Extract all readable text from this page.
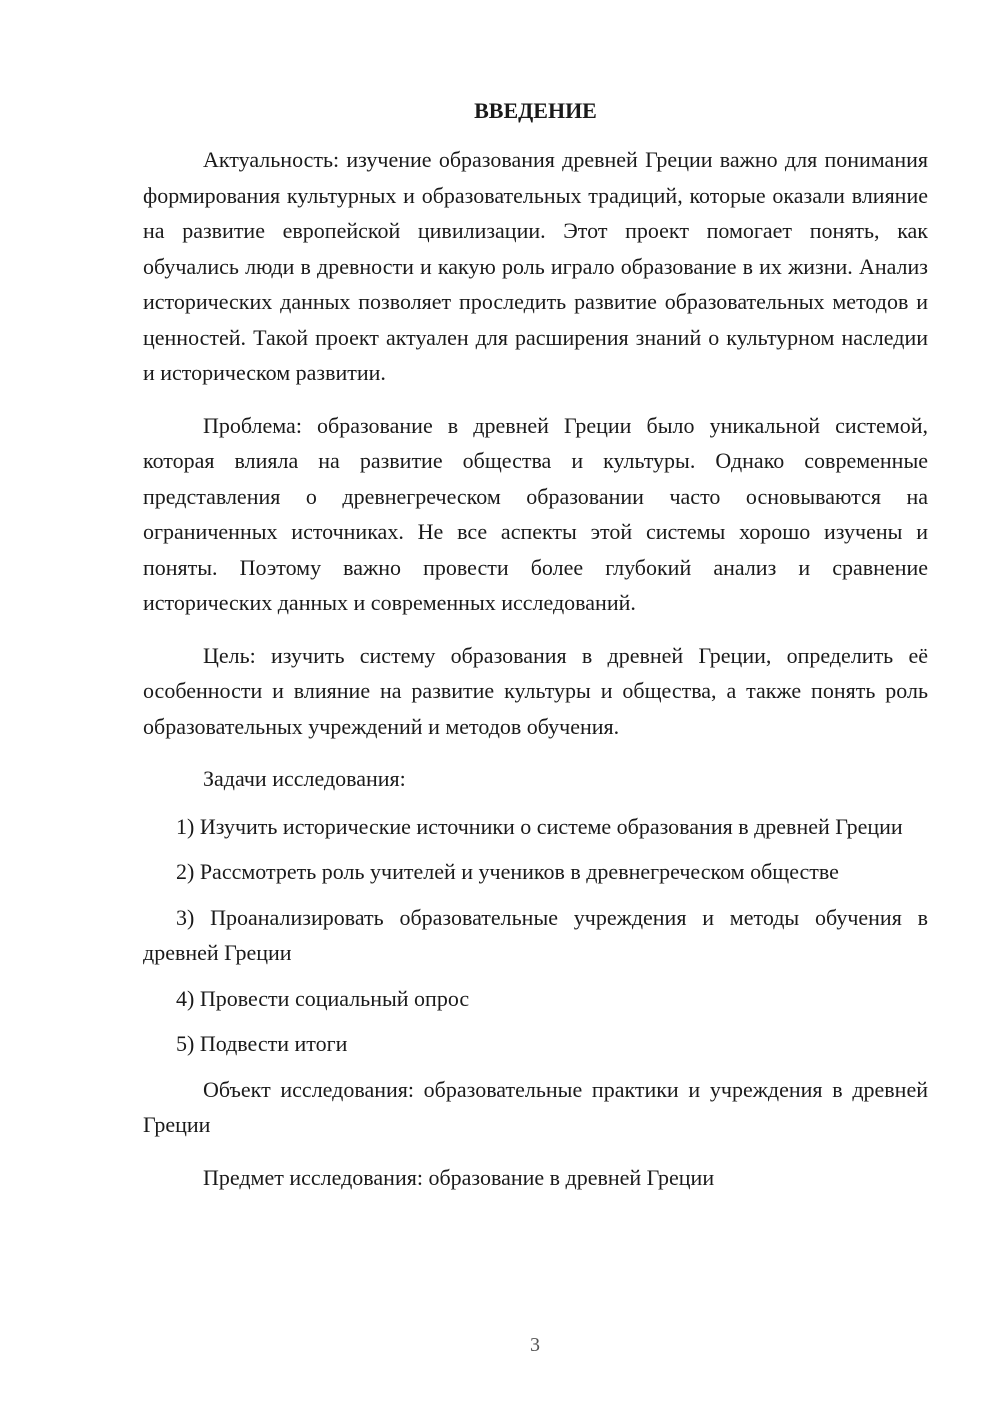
ВВЕДЕНИЕ

Актуальность: изучение образования древней Греции важно для понимания формирования культурных и образовательных традиций, которые оказали влияние на развитие европейской цивилизации. Этот проект помогает понять, как обучались люди в древности и какую роль играло образование в их жизни. Анализ исторических данных позволяет проследить развитие образовательных методов и ценностей. Такой проект актуален для расширения знаний о культурном наследии и историческом развитии.

Проблема: образование в древней Греции было уникальной системой, которая влияла на развитие общества и культуры. Однако современные представления о древнегреческом образовании часто основываются на ограниченных источниках. Не все аспекты этой системы хорошо изучены и поняты. Поэтому важно провести более глубокий анализ и сравнение исторических данных и современных исследований.

Цель: изучить систему образования в древней Греции, определить её особенности и влияние на развитие культуры и общества, а также понять роль образовательных учреждений и методов обучения.

Задачи исследования:

1) Изучить исторические источники о системе образования в древней Греции

2) Рассмотреть роль учителей и учеников в древнегреческом обществе

3) Проанализировать образовательные учреждения и методы обучения в древней Греции

4) Провести социальный опрос

5) Подвести итоги

Объект исследования: образовательные практики и учреждения в древней Греции

Предмет исследования: образование в древней Греции

3
